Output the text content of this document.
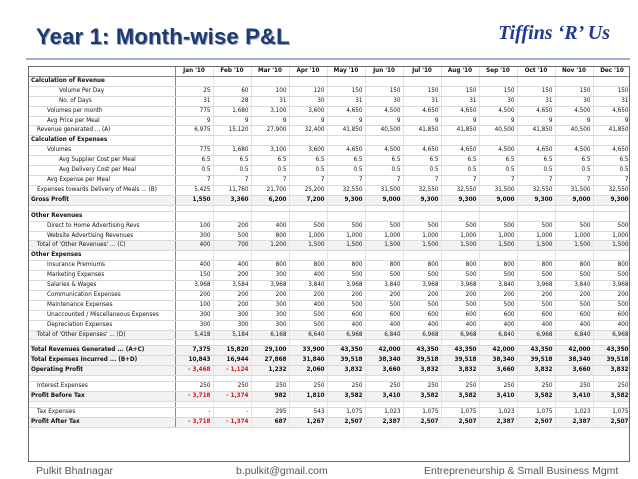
Year 1: Month-wise P&L	Tiffins ‘R’ Us
	Jan '10	Feb '10	Mar '10	Apr '10	May '10	Jun '10	Jul '10	Aug '10	Sep '10	Oct '10	Nov '10	Dec '10
Calculation of Revenue												
Volume Per Day	25	60	100	120	150	150	150	150	150	150	150	150
No. of Days	31	28	31	30	31	30	31	31	30	31	30	31
Volumes per month	775	1,680	3,100	3,600	4,650	4,500	4,650	4,650	4,500	4,650	4,500	4,650
Avg Price per Meal	9	9	9	9	9	9	9	9	9	9	9	9
Revenue generated ... (A)	6,975	15,120	27,900	32,400	41,850	40,500	41,850	41,850	40,500	41,850	40,500	41,850
Calculation of Expenses												
Volumes	775	1,680	3,100	3,600	4,650	4,500	4,650	4,650	4,500	4,650	4,500	4,650
Avg Supplier Cost per Meal	6.5	6.5	6.5	6.5	6.5	6.5	6.5	6.5	6.5	6.5	6.5	6.5
Avg Delivery Cost per Meal	0.5	0.5	0.5	0.5	0.5	0.5	0.5	0.5	0.5	0.5	0.5	0.5
Avg Expense per Meal	7	7	7	7	7	7	7	7	7	7	7	7
Expenses towards Delivery of Meals ... (B)	5,425	11,760	21,700	25,200	32,550	31,500	32,550	32,550	31,500	32,550	31,500	32,550
Gross Profit	1,550	3,360	6,200	7,200	9,300	9,000	9,300	9,300	9,000	9,300	9,000	9,300

Other Revenues												
Direct to Home Advertising Revs	100	200	400	500	500	500	500	500	500	500	500	500
Website Advertising Revenues	300	500	800	1,000	1,000	1,000	1,000	1,000	1,000	1,000	1,000	1,000
Total of 'Other Revenues' ... (C)	400	700	1,200	1,500	1,500	1,500	1,500	1,500	1,500	1,500	1,500	1,500
Other Expenses												
Insurance Premiums	400	400	800	800	800	800	800	800	800	800	800	800
Marketing Expenses	150	200	300	400	500	500	500	500	500	500	500	500
Salaries & Wages	3,968	3,584	3,968	3,840	3,968	3,840	3,968	3,968	3,840	3,968	3,840	3,968
Communication Expenses	200	200	200	200	200	200	200	200	200	200	200	200
Maintenance Expenses	100	200	300	400	500	500	500	500	500	500	500	500
Unaccounted / Miscellaneous Expenses	300	300	300	500	600	600	600	600	600	600	600	600
Depreciation Expenses	300	300	300	500	400	400	400	400	400	400	400	400
Total of 'Other Expenses' ... (D)	5,418	5,184	6,168	6,640	6,968	6,840	6,968	6,968	6,840	6,968	6,840	6,968

Total Revenues Generated ... (A+C)	7,375	15,820	29,100	33,900	43,350	42,000	43,350	43,350	42,000	43,350	42,000	43,350
Total Expenses Incurred ... (B+D)	10,843	16,944	27,868	31,840	39,518	38,340	39,518	39,518	38,340	39,518	38,340	39,518
Operating Profit	- 3,468	- 1,124	1,232	2,060	3,832	3,660	3,832	3,832	3,660	3,832	3,660	3,832

Interest Expenses	250	250	250	250	250	250	250	250	250	250	250	250
Profit Before Tax	- 3,718	- 1,374	982	1,810	3,582	3,410	3,582	3,582	3,410	3,582	3,410	3,582

Tax Expenses	-	-	295	543	1,075	1,023	1,075	1,075	1,023	1,075	1,023	1,075
Profit After Tax	- 3,718	- 1,374	687	1,267	2,507	2,387	2,507	2,507	2,387	2,507	2,387	2,507
Pulkit Bhatnagar	b.pulkit@gmail.com	Entrepreneurship & Small Business Mgmt
